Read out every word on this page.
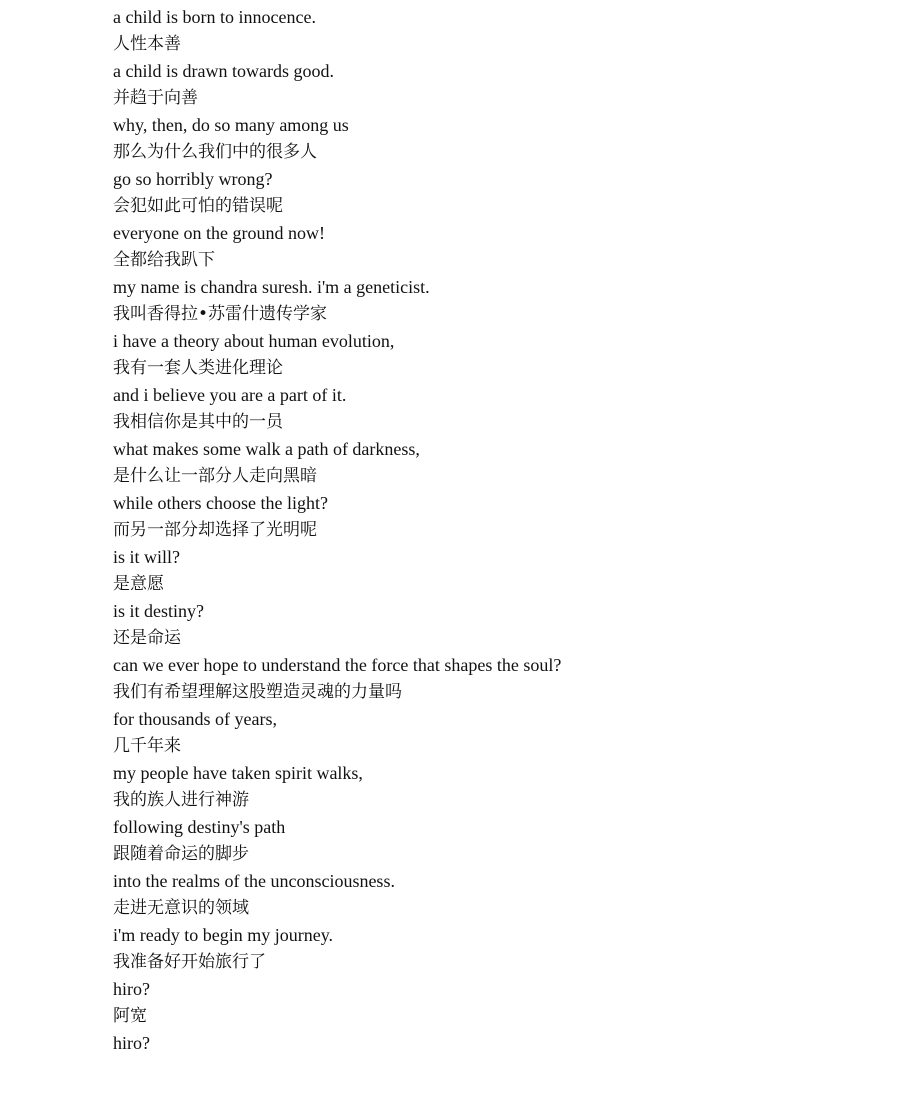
a child is born to innocence.
人性本善
a child is drawn towards good.
并趋于向善
why, then, do so many among us
那么为什么我们中的很多人
go so horribly wrong?
会犯如此可怕的错误呢
everyone on the ground now!
全都给我趴下
my name is chandra suresh. i'm a geneticist.
我叫香得拉•苏雷什遗传学家
i have a theory about human evolution,
我有一套人类进化理论
and i believe you are a part of it.
我相信你是其中的一员
what makes some walk a path of darkness,
是什么让一部分人走向黑暗
while others choose the light?
而另一部分却选择了光明呢
is it will?
是意愿
is it destiny?
还是命运
can we ever hope to understand the force that shapes the soul?
我们有希望理解这股塑造灵魂的力量吗
for thousands of years,
几千年来
my people have taken spirit walks,
我的族人进行神游
following destiny's path
跟随着命运的脚步
into the realms of the unconsciousness.
走进无意识的领域
i'm ready to begin my journey.
我准备好开始旅行了
hiro?
阿宽
hiro?
